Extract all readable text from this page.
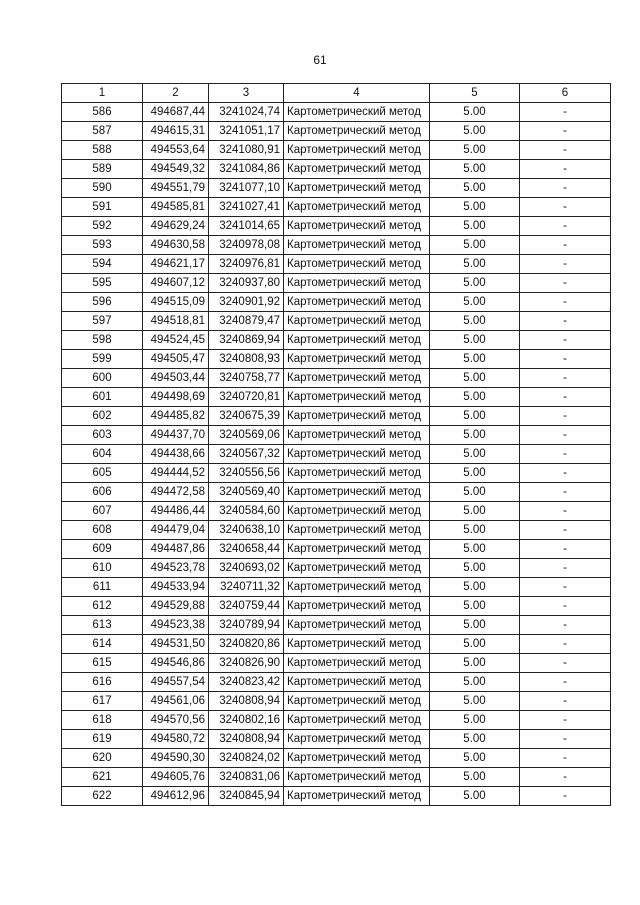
61
1	2	3	4	5	6
586	494687,44	3241024,74	Картометрический метод	5.00	-
587	494615,31	3241051,17	Картометрический метод	5.00	-
588	494553,64	3241080,91	Картометрический метод	5.00	-
589	494549,32	3241084,86	Картометрический метод	5.00	-
590	494551,79	3241077,10	Картометрический метод	5.00	-
591	494585,81	3241027,41	Картометрический метод	5.00	-
592	494629,24	3241014,65	Картометрический метод	5.00	-
593	494630,58	3240978,08	Картометрический метод	5.00	-
594	494621,17	3240976,81	Картометрический метод	5.00	-
595	494607,12	3240937,80	Картометрический метод	5.00	-
596	494515,09	3240901,92	Картометрический метод	5.00	-
597	494518,81	3240879,47	Картометрический метод	5.00	-
598	494524,45	3240869,94	Картометрический метод	5.00	-
599	494505,47	3240808,93	Картометрический метод	5.00	-
600	494503,44	3240758,77	Картометрический метод	5.00	-
601	494498,69	3240720,81	Картометрический метод	5.00	-
602	494485,82	3240675,39	Картометрический метод	5.00	-
603	494437,70	3240569,06	Картометрический метод	5.00	-
604	494438,66	3240567,32	Картометрический метод	5.00	-
605	494444,52	3240556,56	Картометрический метод	5.00	-
606	494472,58	3240569,40	Картометрический метод	5.00	-
607	494486,44	3240584,60	Картометрический метод	5.00	-
608	494479,04	3240638,10	Картометрический метод	5.00	-
609	494487,86	3240658,44	Картометрический метод	5.00	-
610	494523,78	3240693,02	Картометрический метод	5.00	-
611	494533,94	3240711,32	Картометрический метод	5.00	-
612	494529,88	3240759,44	Картометрический метод	5.00	-
613	494523,38	3240789,94	Картометрический метод	5.00	-
614	494531,50	3240820,86	Картометрический метод	5.00	-
615	494546,86	3240826,90	Картометрический метод	5.00	-
616	494557,54	3240823,42	Картометрический метод	5.00	-
617	494561,06	3240808,94	Картометрический метод	5.00	-
618	494570,56	3240802,16	Картометрический метод	5.00	-
619	494580,72	3240808,94	Картометрический метод	5.00	-
620	494590,30	3240824,02	Картометрический метод	5.00	-
621	494605,76	3240831,06	Картометрический метод	5.00	-
622	494612,96	3240845,94	Картометрический метод	5.00	-
